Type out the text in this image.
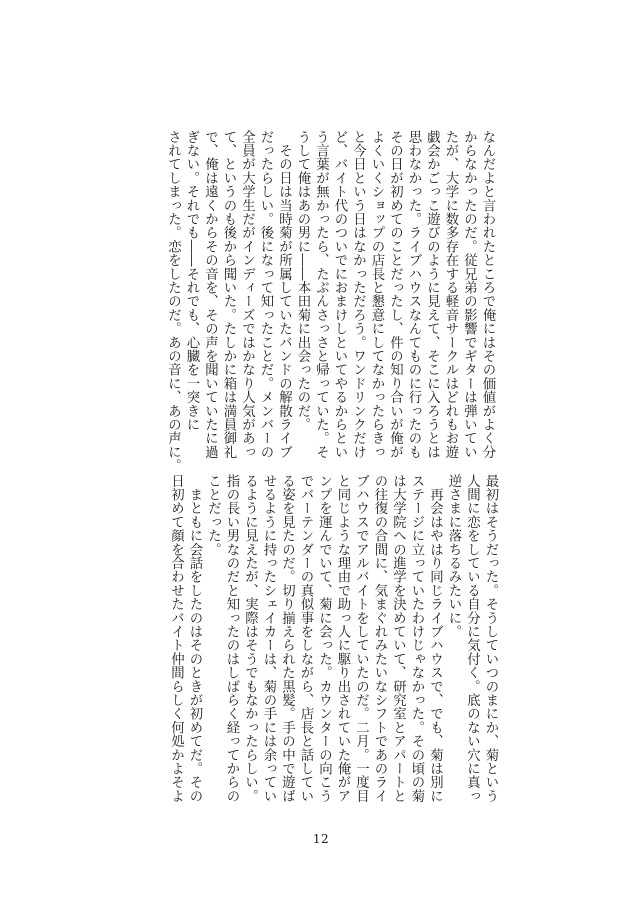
なんだよと言われたところで俺にはその価値がよく分
からなかったのだ。従兄弟の影響でギターは弾いてい
たが、大学に数多存在する軽音サークルはどれもお遊
戯会かごっこ遊びのように見えて、そこに入ろうとは
思わなかった。ライブハウスなんてものに行ったのも
その日が初めてのことだったし、件の知り合いが俺が
よくいくショップの店長と懇意にしてなかったらきっ
と今日という日はなかっただろう。ワンドリンクだけ
ど、バイト代のついでにおまけしといてやるからとい
う言葉が無かったら、たぶんさっさと帰っていた。そ
うして俺はあの男に――本田菊に出会ったのだ。
　その日は当時菊が所属していたバンドの解散ライブ
だったらしい。後になって知ったことだ。メンバーの
全員が大学生だがインディーズではかなり人気があっ
て、というのも後から聞いた。たしかに箱は満員御礼
で、俺は遠くからその音を、その声を聞いていたに過
ぎない。それでも――それでも、心臓を一突きに
されてしまった。恋をしたのだ。あの音に、あの声に。
最初はそうだった。そうしていつのまにか、菊という
人間に恋をしている自分に気付く。底のない穴に真っ
逆さまに落ちるみたいに。
　再会はやはり同じライブハウスで、でも、菊は別に
ステージに立っていたわけじゃなかった。その頃の菊
は大学院への進学を決めていて、研究室とアパートと
の往復の合間に、気まぐれみたいなシフトであのライ
ブハウスでアルバイトをしていたのだ。二月。一度目
と同じような理由で助っ人に駆り出されていた俺がア
ンプを運んでいて、菊に会った。カウンターの向こう
でバーテンダーの真似事をしながら、店長と話してい
る姿を見たのだ。切り揃えられた黒髪。手の中で遊ば
せるように持ったシェイカーは、菊の手には余ってい
るように見えたが、実際はそうでもなかったらしい。
指の長い男なのだと知ったのはしばらく経ってからの
ことだった。
　まともに会話をしたのはそのときが初めてだ。その
日初めて顔を合わせたバイト仲間らしく何処かよそよ
12
